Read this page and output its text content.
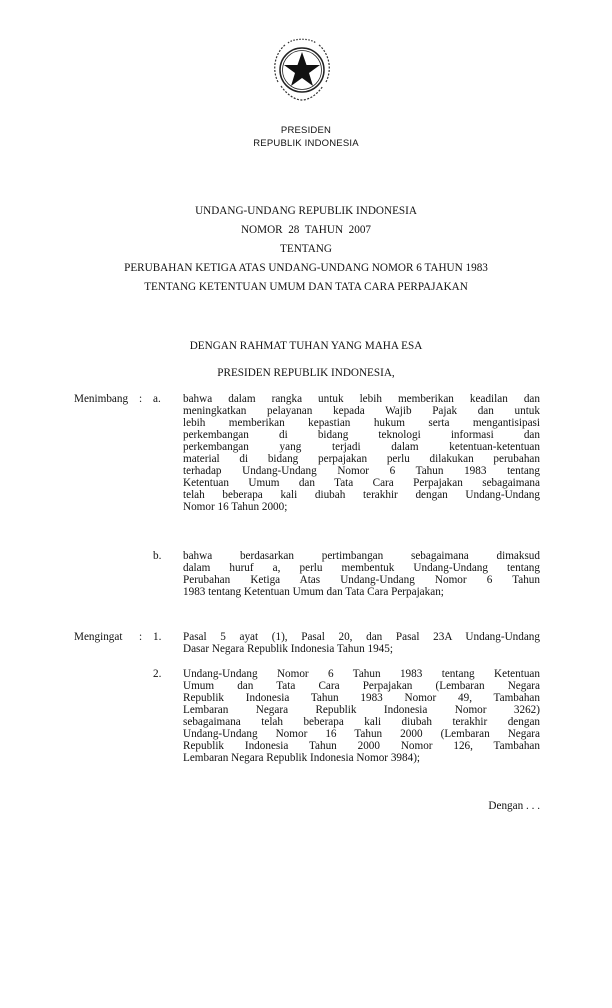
PRESIDEN
REPUBLIK INDONESIA
UNDANG-UNDANG REPUBLIK INDONESIA
NOMOR  28  TAHUN  2007
TENTANG
PERUBAHAN KETIGA ATAS UNDANG-UNDANG NOMOR 6 TAHUN 1983
TENTANG KETENTUAN UMUM DAN TATA CARA PERPAJAKAN
DENGAN RAHMAT TUHAN YANG MAHA ESA
PRESIDEN REPUBLIK INDONESIA,
Menimbang : a. bahwa dalam rangka untuk lebih memberikan keadilan dan
meningkatkan pelayanan kepada Wajib Pajak dan untuk
lebih memberikan kepastian hukum serta mengantisipasi
perkembangan di bidang teknologi informasi dan
perkembangan yang terjadi dalam ketentuan-ketentuan
material di bidang perpajakan perlu dilakukan perubahan
terhadap Undang-Undang Nomor 6 Tahun 1983 tentang
Ketentuan Umum dan Tata Cara Perpajakan sebagaimana
telah beberapa kali diubah terakhir dengan Undang-Undang
Nomor 16 Tahun 2000;
b. bahwa berdasarkan pertimbangan sebagaimana dimaksud
dalam huruf a, perlu membentuk Undang-Undang tentang
Perubahan Ketiga Atas Undang-Undang Nomor 6 Tahun
1983 tentang Ketentuan Umum dan Tata Cara Perpajakan;
Mengingat : 1. Pasal 5 ayat (1), Pasal 20, dan Pasal 23A Undang-Undang
Dasar Negara Republik Indonesia Tahun 1945;
2. Undang-Undang Nomor 6 Tahun 1983 tentang Ketentuan
Umum dan Tata Cara Perpajakan (Lembaran Negara
Republik Indonesia Tahun 1983 Nomor 49, Tambahan
Lembaran Negara Republik Indonesia Nomor 3262)
sebagaimana telah beberapa kali diubah terakhir dengan
Undang-Undang Nomor 16 Tahun 2000 (Lembaran Negara
Republik Indonesia Tahun 2000 Nomor 126, Tambahan
Lembaran Negara Republik Indonesia Nomor 3984);
Dengan . . .
